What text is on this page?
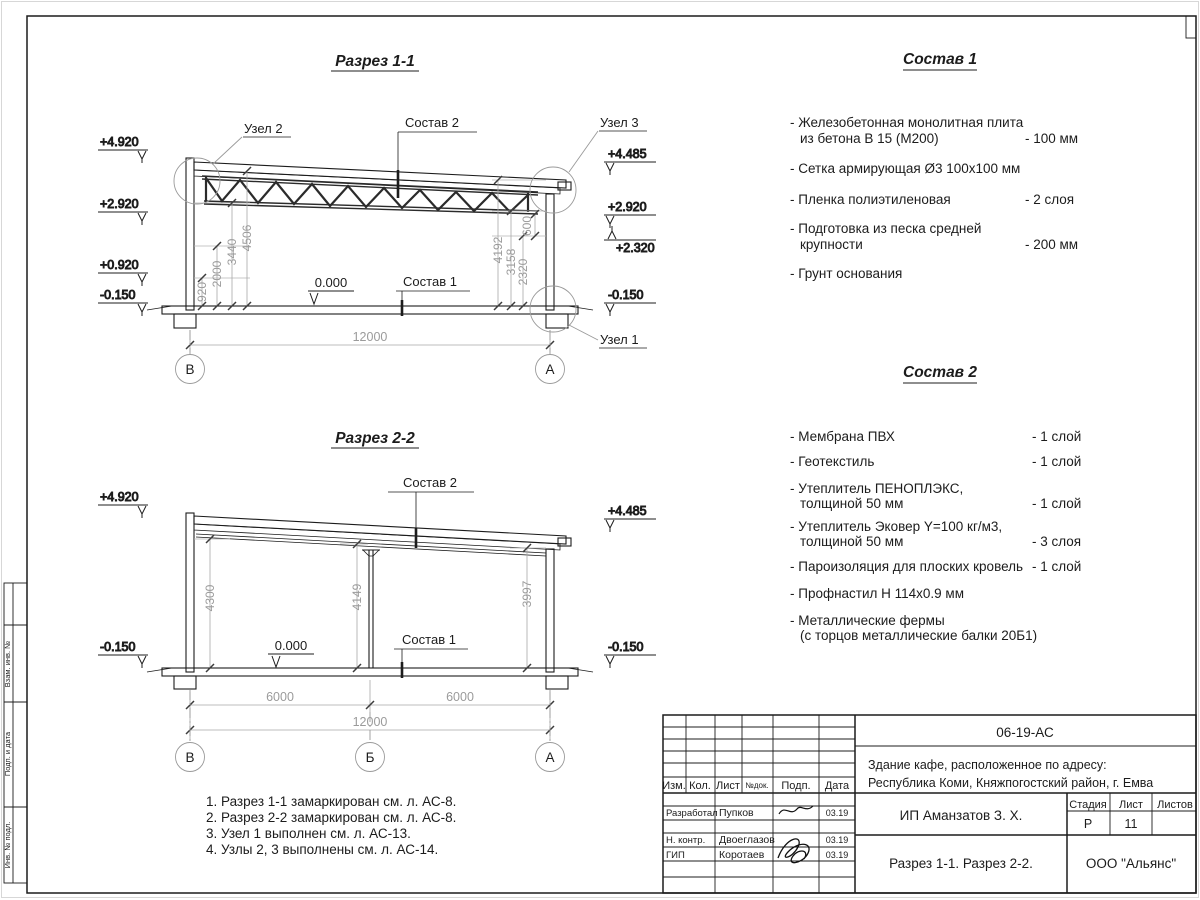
Разрез 1-1
920
2000
3440
4506	4192 3158
2320
600
12000
В	А
+4.920
+2.920
+0.920
-0.150
+4.485
+2.920
+2.320
-0.150
Узел 2	Узел 3
Узел 1
Состав 2
Состав 1
0.000
Разрез 2-2
4300	4149	3997
Состав 2
Состав 1
0.000
+4.920
-0.150
+4.485
-0.150
6000	6000
12000
В	Б	А
Состав 1
- Железобетонная монолитная плита
из бетона В 15 (М200)	- 100 мм
- Сетка армирующая Ø3 100х100 мм
- Пленка полиэтиленовая	- 2 слоя
- Подготовка из песка средней
крупности	- 200 мм
- Грунт основания
Состав 2
- Мембрана ПВХ	- 1 слой
- Геотекстиль	- 1 слой
- Утеплитель ПЕНОПЛЭКС,
толщиной 50 мм	- 1 слой
- Утеплитель Эковер Y=100 кг/м3,
толщиной 50 мм	- 3 слоя
- Пароизоляция для плоских кровель - 1 слой
- Профнастил Н 114х0.9 мм
- Металлические фермы
(с торцов металлические балки 20Б1)
1. Разрез 1-1 замаркирован см. л. АС-8.
2. Разрез 2-2 замаркирован см. л. АС-8.
3. Узел 1 выполнен см. л. АС-13.
4. Узлы 2, 3 выполнены см. л. АС-14.
06-19-АС
Здание кафе, расположенное по адресу:
Республика Коми, Княжпогостский район, г. Емва
Изм. Кол. Лист №док. Подп. Дата
Разработал Пупков	03.19
Н. контр. Двоеглазов	03.19
ГИП	Коротаев	03.19
ИП Аманзатов З. Х.
Стадия Лист Листов
Р	11
Разрез 1-1. Разрез 2-2.	ООО "Альянс"
Взам. инв. №
Подп. и дата
Инв. № подл.
